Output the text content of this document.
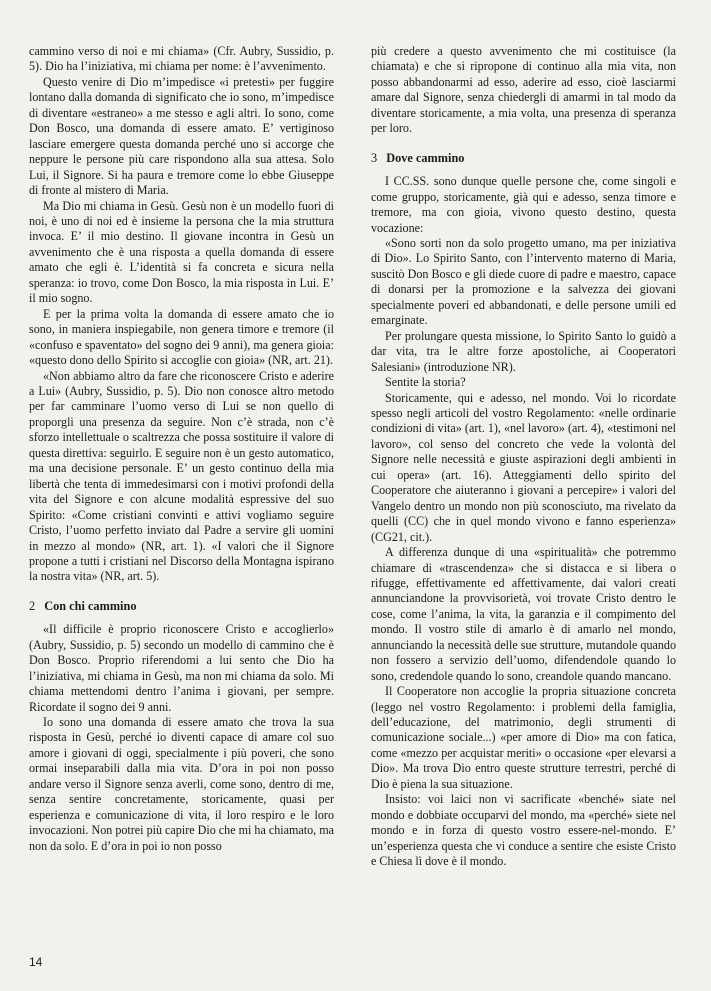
cammino verso di noi e mi chiama» (Cfr. Aubry, Sussidio, p. 5). Dio ha l’iniziativa, mi chiama per nome: è l’avvenimento.

Questo venire di Dio m’impedisce «i pretesti» per fuggire lontano dalla domanda di significato che io sono, m’impedisce di diventare «estraneo» a me stesso e agli altri. Io sono, come Don Bosco, una domanda di essere amato. E’ vertiginoso lasciare emergere questa domanda perché uno si accorge che neppure le persone più care rispondono alla sua attesa. Solo Lui, il Signore. Si ha paura e tremore come lo ebbe Giuseppe di fronte al mistero di Maria.

Ma Dio mi chiama in Gesù. Gesù non è un modello fuori di noi, è uno di noi ed è insieme la persona che la mia struttura invoca. E’ il mio destino. Il giovane incontra in Gesù un avvenimento che è una risposta a quella domanda di essere amato che egli è. L’identità si fa concreta e sicura nella speranza: io trovo, come Don Bosco, la mia risposta in Lui. E’ il mio sogno.

E per la prima volta la domanda di essere amato che io sono, in maniera inspiegabile, non genera timore e tremore (il «confuso e spaventato» del sogno dei 9 anni), ma genera gioia: «questo dono dello Spirito si accoglie con gioia» (NR, art. 21).

«Non abbiamo altro da fare che riconoscere Cristo e aderire a Lui» (Aubry, Sussidio, p. 5). Dio non conosce altro metodo per far camminare l’uomo verso di Lui se non quello di proporgli una presenza da seguire. Non c’è strada, non c’è sforzo intellettuale o scaltrezza che possa sostituire il valore di questa direttiva: seguirlo. E seguire non è un gesto automatico, ma una decisione personale. E’ un gesto continuo della mia libertà che tenta di immedesimarsi con i motivi profondi della vita del Signore e con alcune modalità espressive del suo Spirito: «Come cristiani convinti e attivi vogliamo seguire Cristo, l’uomo perfetto inviato dal Padre a servire gli uomini in mezzo al mondo» (NR, art. 1). «I valori che il Signore propone a tutti i cristiani nel Discorso della Montagna ispirano la nostra vita» (NR, art. 5).

2 Con chi cammino

«Il difficile è proprio riconoscere Cristo e accoglierlo» (Aubry, Sussidio, p. 5) secondo un modello di cammino che è Don Bosco. Proprio riferendomi a lui sento che Dio ha l’iniziativa, mi chiama in Gesù, ma non mi chiama da solo. Mi chiama mettendomi dentro l’anima i giovani, per sempre. Ricordate il sogno dei 9 anni.

Io sono una domanda di essere amato che trova la sua risposta in Gesù, perché io diventi capace di amare col suo amore i giovani di oggi, specialmente i più poveri, che sono ormai inseparabili dalla mia vita. D’ora in poi non posso andare verso il Signore senza averli, come sono, dentro di me, senza sentire concretamente, storicamente, quasi per esperienza e comunicazione di vita, il loro respiro e le loro invocazioni. Non potrei più capire Dio che mi ha chiamato, ma non da solo. E d’ora in poi io non posso

più credere a questo avvenimento che mi costituisce (la chiamata) e che si ripropone di continuo alla mia vita, non posso abbandonarmi ad esso, aderire ad esso, cioè lasciarmi amare dal Signore, senza chiedergli di amarmi in tal modo da diventare storicamente, a mia volta, una presenza di speranza per loro.

3 Dove cammino

I CC.SS. sono dunque quelle persone che, come singoli e come gruppo, storicamente, già qui e adesso, senza timore e tremore, ma con gioia, vivono questo destino, questa vocazione:

«Sono sorti non da solo progetto umano, ma per iniziativa di Dio». Lo Spirito Santo, con l’intervento materno di Maria, suscitò Don Bosco e gli diede cuore di padre e maestro, capace di donarsi per la promozione e la salvezza dei giovani specialmente poveri ed abbandonati, e delle persone umili ed emarginate.

Per prolungare questa missione, lo Spirito Santo lo guidò a dar vita, tra le altre forze apostoliche, ai Cooperatori Salesiani» (introduzione NR).

Sentite la storia?

Storicamente, qui e adesso, nel mondo. Voi lo ricordate spesso negli articoli del vostro Regolamento: «nelle ordinarie condizioni di vita» (art. 1), «nel lavoro» (art. 4), «testimoni nel lavoro», col senso del concreto che vede la volontà del Signore nelle necessità e giuste aspirazioni degli ambienti in cui opera» (art. 16). Atteggiamenti dello spirito del Cooperatore che aiuteranno i giovani a percepire» i valori del Vangelo dentro un mondo non più sconosciuto, ma rivelato da quelli (CC) che in quel mondo vivono e fanno esperienza» (CG21, cit.).

A differenza dunque di una «spiritualità» che potremmo chiamare di «trascendenza» che si distacca e si libera o rifugge, effettivamente ed affettivamente, dai valori creati annunciandone la provvisorietà, voi trovate Cristo dentro le cose, come l’anima, la vita, la garanzia e il compimento del mondo. Il vostro stile di amarlo è di amarlo nel mondo, annunciando la necessità delle sue strutture, mutandole quando non fossero a servizio dell’uomo, difendendole quando lo sono, credendole quando lo sono, creandole quando mancano.

Il Cooperatore non accoglie la propria situazione concreta (leggo nel vostro Regolamento: i problemi della famiglia, dell’educazione, del matrimonio, degli strumenti di comunicazione sociale...) «per amore di Dio» ma con fatica, come «mezzo per acquistar meriti» o occasione «per elevarsi a Dio». Ma trova Dio entro queste strutture terrestri, perché di Dio è piena la sua situazione.

Insisto: voi laici non vi sacrificate «benché» siate nel mondo e dobbiate occuparvi del mondo, ma «perché» siete nel mondo e in forza di questo vostro essere-nel-mondo. E’ un’esperienza questa che vi conduce a sentire che esiste Cristo e Chiesa lì dove è il mondo.

14
